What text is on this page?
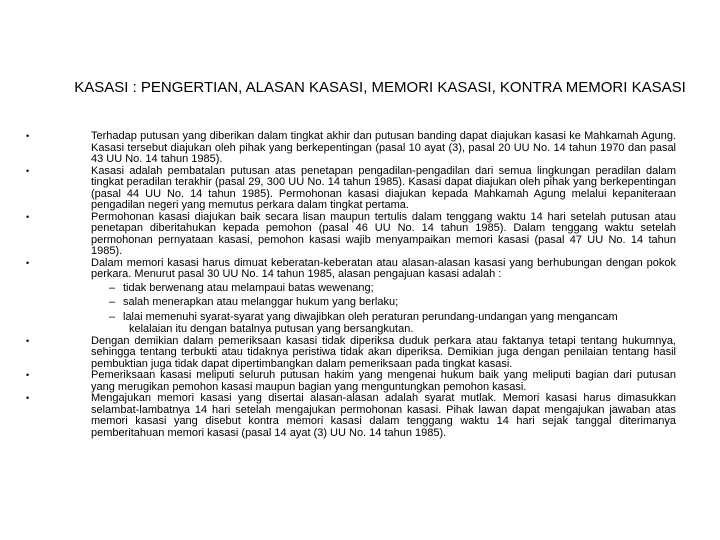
KASASI : PENGERTIAN, ALASAN KASASI, MEMORI KASASI, KONTRA MEMORI KASASI
•	Terhadap putusan yang diberikan dalam tingkat akhir dan putusan banding dapat diajukan kasasi ke Mahkamah Agung. Kasasi tersebut diajukan oleh pihak yang berkepentingan (pasal 10 ayat (3), pasal 20 UU No. 14 tahun 1970 dan pasal 43 UU No. 14 tahun 1985).
•	Kasasi adalah pembatalan putusan atas penetapan pengadilan-pengadilan dari semua lingkungan peradilan dalam tingkat peradilan terakhir (pasal 29, 300 UU No. 14 tahun 1985). Kasasi dapat diajukan oleh pihak yang berkepentingan (pasal 44 UU No. 14 tahun 1985). Permohonan kasasi diajukan kepada Mahkamah Agung melalui kepaniteraan pengadilan negeri yang memutus perkara dalam tingkat pertama.
•	Permohonan kasasi diajukan baik secara lisan maupun tertulis dalam tenggang waktu 14 hari setelah putusan atau penetapan diberitahukan kepada pemohon (pasal 46 UU No. 14 tahun 1985). Dalam tenggang waktu setelah permohonan pernyataan kasasi, pemohon kasasi wajib menyampaikan memori kasasi (pasal 47 UU No. 14 tahun 1985).
•	Dalam memori kasasi harus dimuat keberatan-keberatan atau alasan-alasan kasasi yang berhubungan dengan pokok perkara. Menurut pasal 30 UU No. 14 tahun 1985, alasan pengajuan kasasi adalah :
– tidak berwenang atau melampaui batas wewenang;
– salah menerapkan atau melanggar hukum yang berlaku;
– lalai memenuhi syarat-syarat yang diwajibkan oleh peraturan perundang-undangan yang mengancam
kelalaian itu dengan batalnya putusan yang bersangkutan.
•	Dengan demikian dalam pemeriksaan kasasi tidak diperiksa duduk perkara atau faktanya tetapi tentang hukumnya, sehingga tentang terbukti atau tidaknya peristiwa tidak akan diperiksa. Demikian juga dengan penilaian tentang hasil pembuktian juga tidak dapat dipertimbangkan dalam pemeriksaan pada tingkat kasasi.
•	Pemeriksaan kasasi meliputi seluruh putusan hakim yang mengenai hukum baik yang meliputi bagian dari putusan yang merugikan pemohon kasasi maupun bagian yang menguntungkan pemohon kasasi.
•	Mengajukan memori kasasi yang disertai alasan-alasan adalah syarat mutlak. Memori kasasi harus dimasukkan selambat-lambatnya 14 hari setelah mengajukan permohonan kasasi. Pihak lawan dapat mengajukan jawaban atas memori kasasi yang disebut kontra memori kasasi dalam tenggang waktu 14 hari sejak tanggal diterimanya pemberitahuan memori kasasi (pasal 14 ayat (3) UU No. 14 tahun 1985).
